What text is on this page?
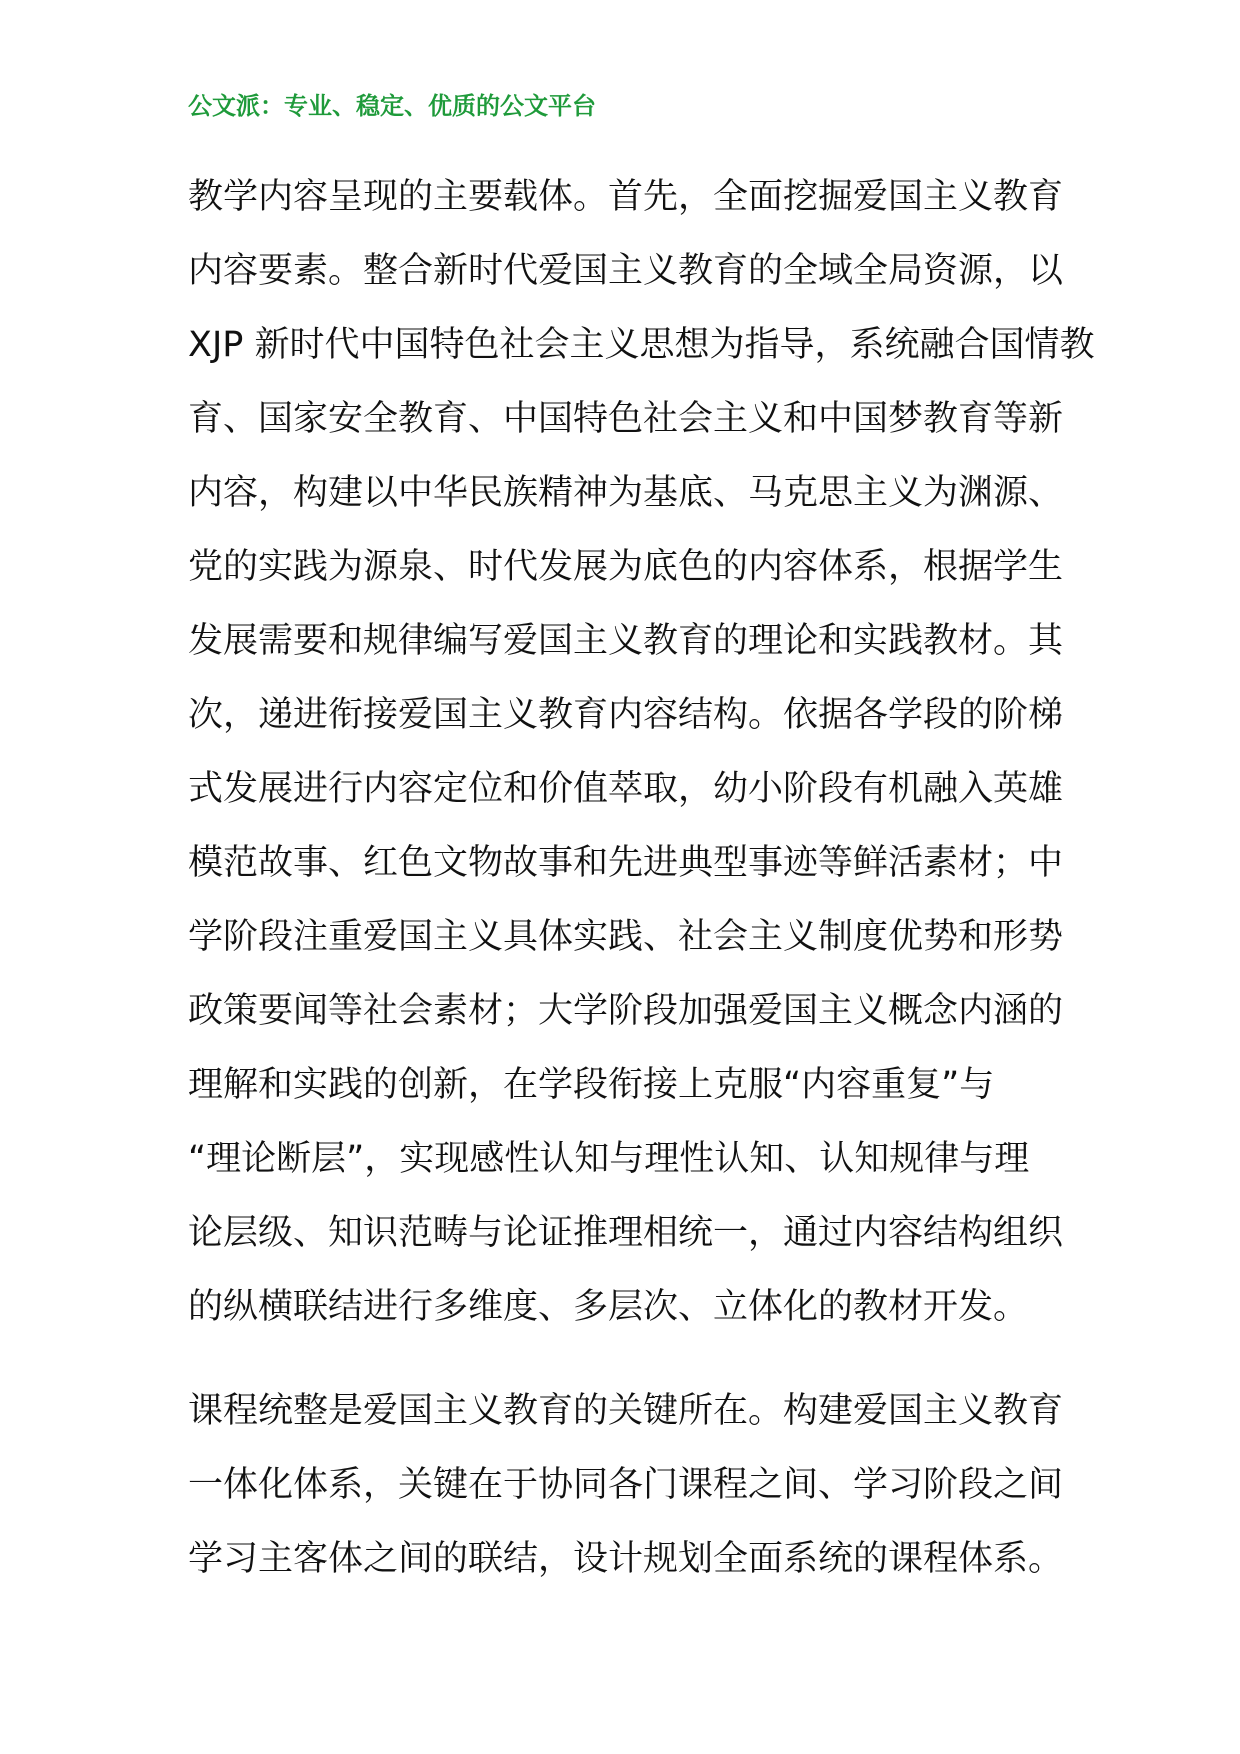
公文派：专业、稳定、优质的公文平台
教学内容呈现的主要载体。首先，全面挖掘爱国主义教育
内容要素。整合新时代爱国主义教育的全域全局资源，以
XJP 新时代中国特色社会主义思想为指导，系统融合国情教
育、国家安全教育、中国特色社会主义和中国梦教育等新
内容，构建以中华民族精神为基底、马克思主义为渊源、
党的实践为源泉、时代发展为底色的内容体系，根据学生
发展需要和规律编写爱国主义教育的理论和实践教材。其
次，递进衔接爱国主义教育内容结构。依据各学段的阶梯
式发展进行内容定位和价值萃取，幼小阶段有机融入英雄
模范故事、红色文物故事和先进典型事迹等鲜活素材；中
学阶段注重爱国主义具体实践、社会主义制度优势和形势
政策要闻等社会素材；大学阶段加强爱国主义概念内涵的
理解和实践的创新，在学段衔接上克服“内容重复”与
“理论断层”，实现感性认知与理性认知、认知规律与理
论层级、知识范畴与论证推理相统一，通过内容结构组织
的纵横联结进行多维度、多层次、立体化的教材开发。
课程统整是爱国主义教育的关键所在。构建爱国主义教育
一体化体系，关键在于协同各门课程之间、学习阶段之间
学习主客体之间的联结，设计规划全面系统的课程体系。
